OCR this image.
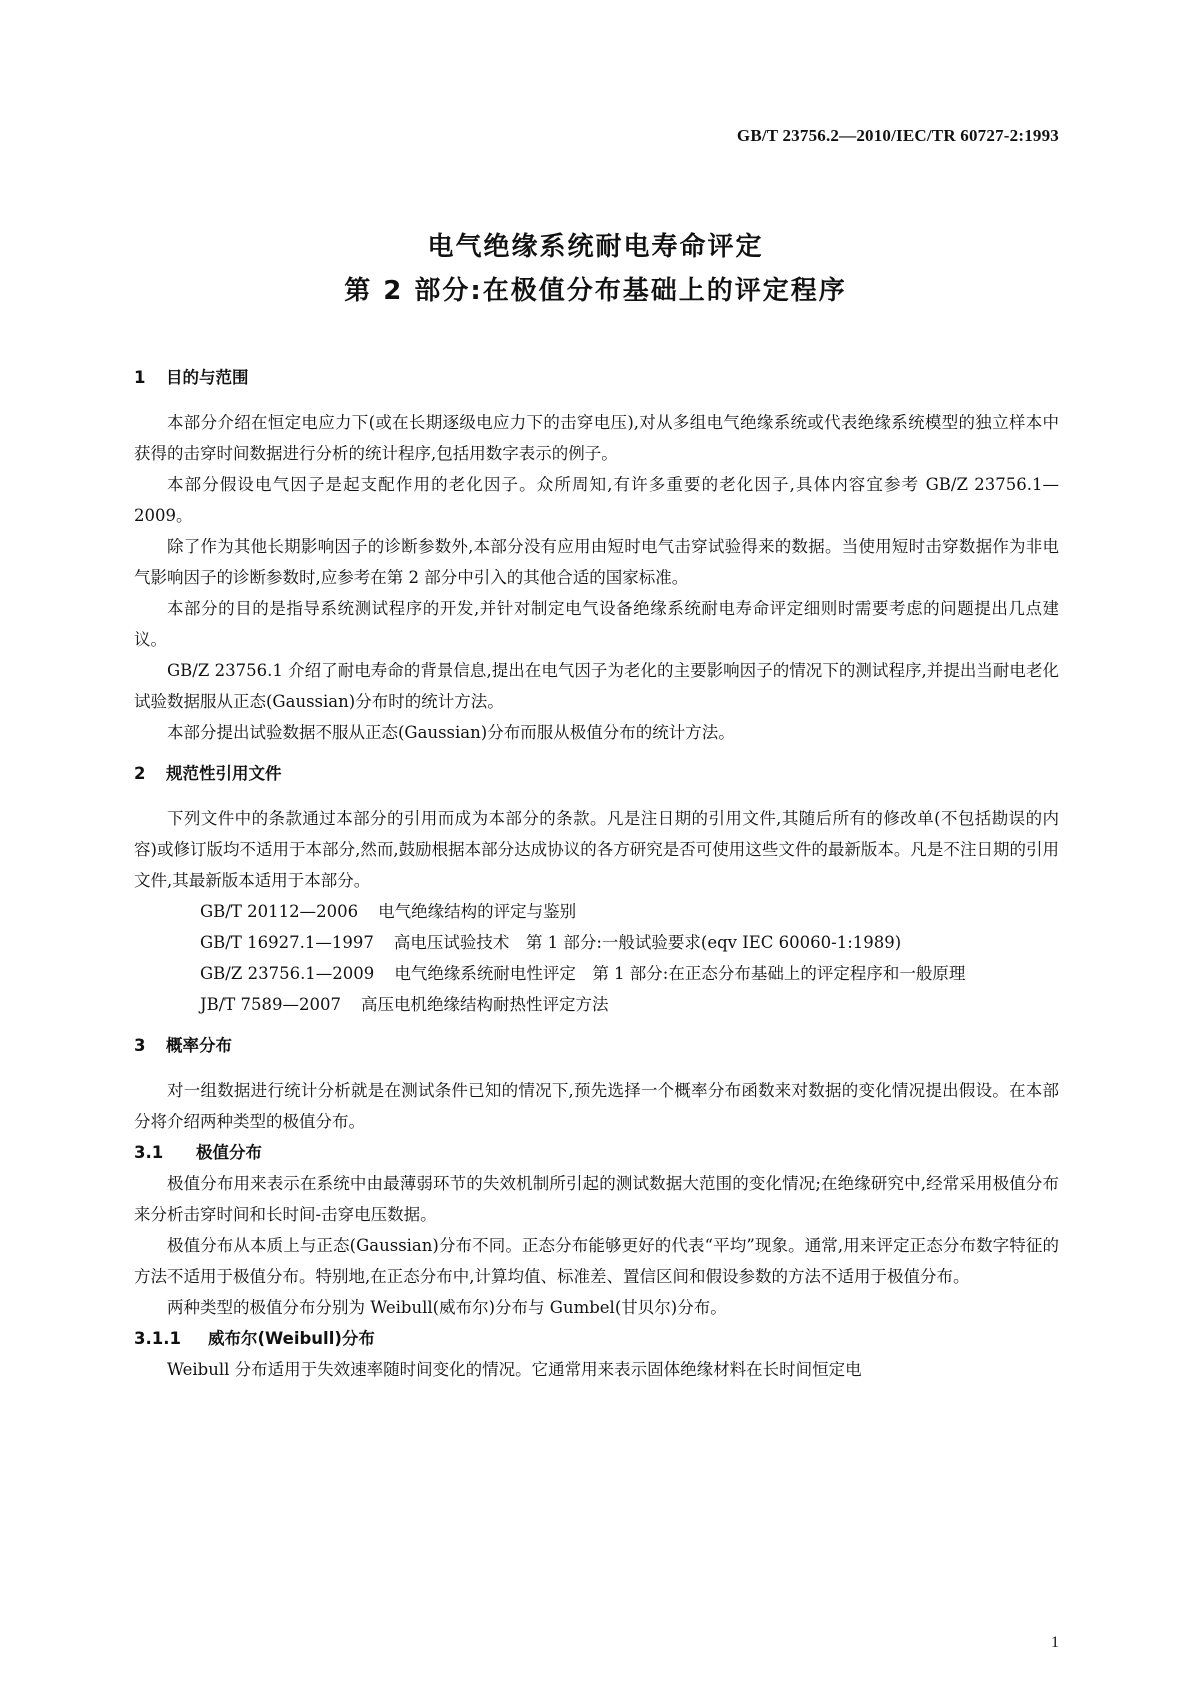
GB/T 23756.2—2010/IEC/TR 60727-2:1993
电气绝缘系统耐电寿命评定
第 2 部分:在极值分布基础上的评定程序
1 目的与范围

本部分介绍在恒定电应力下(或在长期逐级电应力下的击穿电压),对从多组电气绝缘系统或代表绝缘系统模型的独立样本中获得的击穿时间数据进行分析的统计程序,包括用数字表示的例子。

本部分假设电气因子是起支配作用的老化因子。众所周知,有许多重要的老化因子,具体内容宜参考 GB/Z 23756.1—2009。

除了作为其他长期影响因子的诊断参数外,本部分没有应用由短时电气击穿试验得来的数据。当使用短时击穿数据作为非电气影响因子的诊断参数时,应参考在第 2 部分中引入的其他合适的国家标准。

本部分的目的是指导系统测试程序的开发,并针对制定电气设备绝缘系统耐电寿命评定细则时需要考虑的问题提出几点建议。

GB/Z 23756.1 介绍了耐电寿命的背景信息,提出在电气因子为老化的主要影响因子的情况下的测试程序,并提出当耐电老化试验数据服从正态(Gaussian)分布时的统计方法。

本部分提出试验数据不服从正态(Gaussian)分布而服从极值分布的统计方法。

2 规范性引用文件

下列文件中的条款通过本部分的引用而成为本部分的条款。凡是注日期的引用文件,其随后所有的修改单(不包括勘误的内容)或修订版均不适用于本部分,然而,鼓励根据本部分达成协议的各方研究是否可使用这些文件的最新版本。凡是不注日期的引用文件,其最新版本适用于本部分。

GB/T 20112—2006 电气绝缘结构的评定与鉴别

GB/T 16927.1—1997 高电压试验技术　第 1 部分:一般试验要求(eqv IEC 60060-1:1989)

GB/Z 23756.1—2009 电气绝缘系统耐电性评定　第 1 部分:在正态分布基础上的评定程序和一般原理

JB/T 7589—2007 高压电机绝缘结构耐热性评定方法

3 概率分布

对一组数据进行统计分析就是在测试条件已知的情况下,预先选择一个概率分布函数来对数据的变化情况提出假设。在本部分将介绍两种类型的极值分布。

3.1 极值分布

极值分布用来表示在系统中由最薄弱环节的失效机制所引起的测试数据大范围的变化情况;在绝缘研究中,经常采用极值分布来分析击穿时间和长时间-击穿电压数据。

极值分布从本质上与正态(Gaussian)分布不同。正态分布能够更好的代表“平均”现象。通常,用来评定正态分布数字特征的方法不适用于极值分布。特别地,在正态分布中,计算均值、标准差、置信区间和假设参数的方法不适用于极值分布。

两种类型的极值分布分别为 Weibull(威布尔)分布与 Gumbel(甘贝尔)分布。

3.1.1 威布尔(Weibull)分布

Weibull 分布适用于失效速率随时间变化的情况。它通常用来表示固体绝缘材料在长时间恒定电

1
